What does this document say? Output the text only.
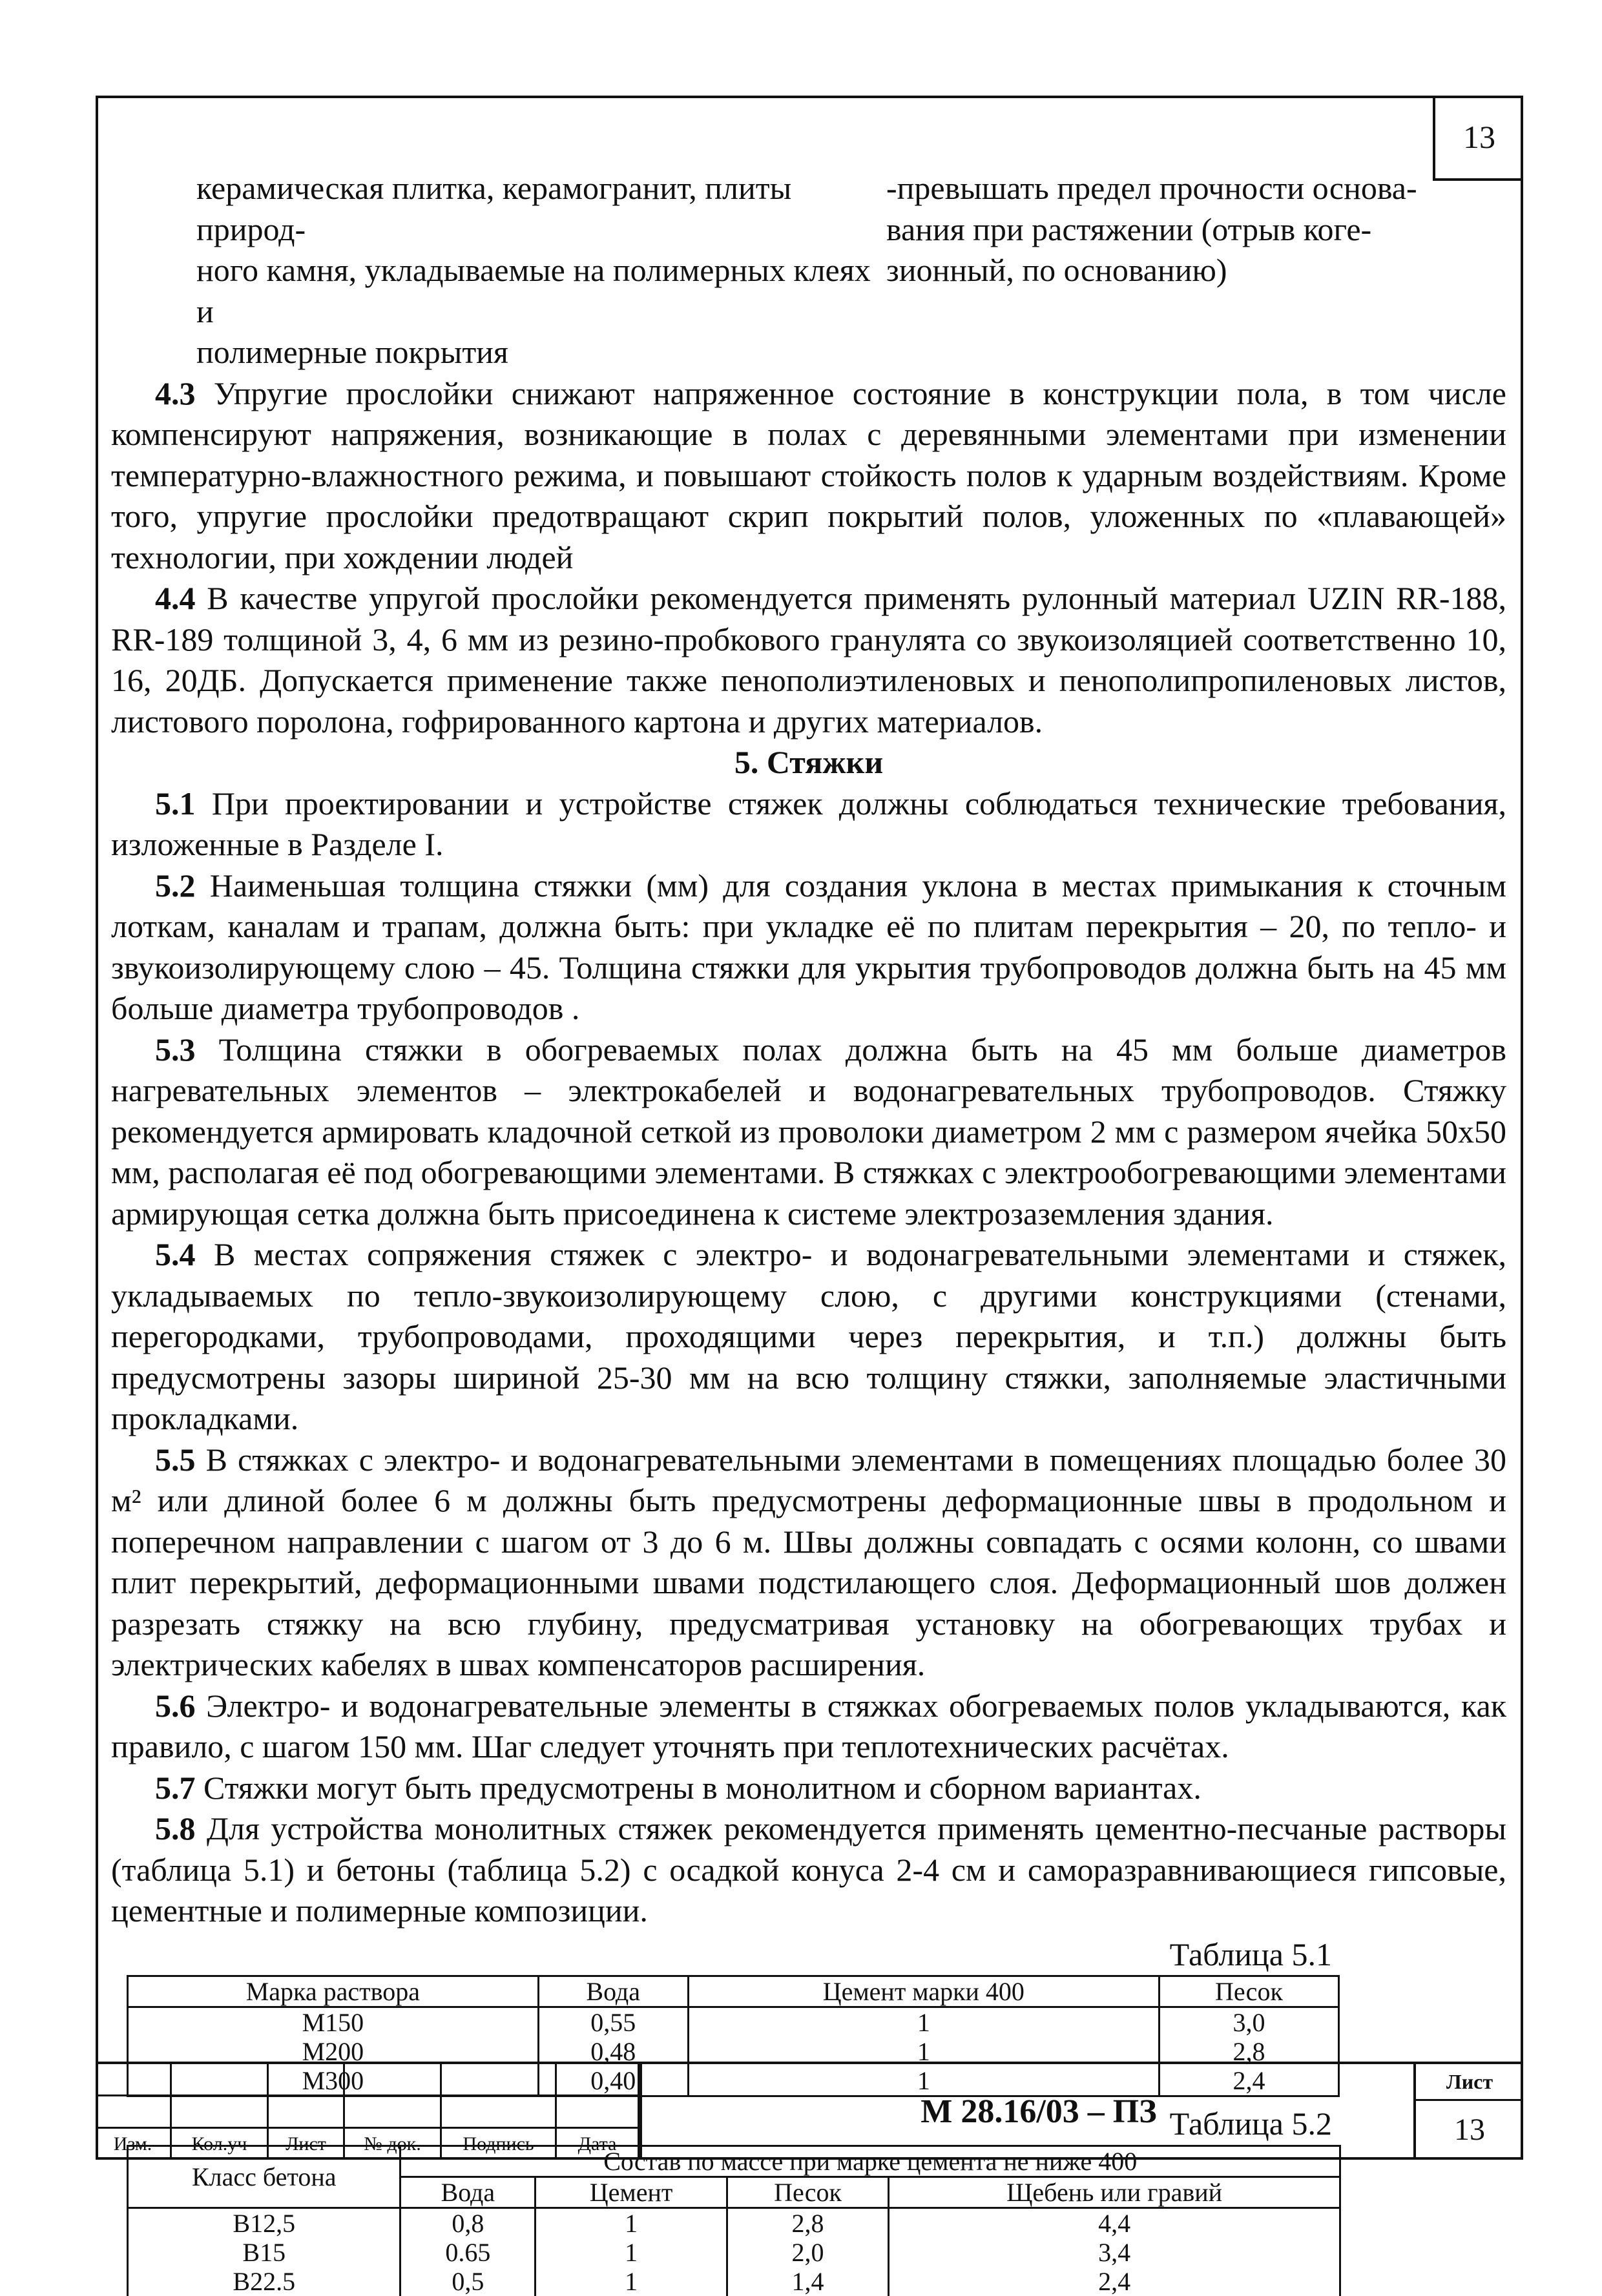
13
керамическая плитка, керамогранит, плиты природ-
ного камня, укладываемые на полимерных клеях и
полимерные покрытия
-превышать предел прочности основа-
вания при растяжении (отрыв коге-
зионный, по основанию)

4.3 Упругие прослойки снижают напряженное состояние в конструкции пола, в том числе компенсируют напряжения, возникающие в полах с деревянными элементами при изменении температурно-влажностного режима, и повышают стойкость полов к ударным воздействиям. Кроме того, упругие прослойки предотвращают скрип покрытий полов, уложенных по «плавающей» технологии, при хождении людей

4.4 В качестве упругой прослойки рекомендуется применять рулонный материал UZIN RR-188, RR-189 толщиной 3, 4, 6 мм из резино-пробкового гранулята со звукоизоляцией соответственно 10, 16, 20ДБ. Допускается применение также пенополиэтиленовых и пенополипропиленовых листов, листового поролона, гофрированного картона и других материалов.

5. Стяжки

5.1 При проектировании и устройстве стяжек должны соблюдаться технические требования, изложенные в Разделе I.

5.2 Наименьшая толщина стяжки (мм) для создания уклона в местах примыкания к сточным лоткам, каналам и трапам, должна быть: при укладке её по плитам перекрытия – 20, по тепло- и звукоизолирующему слою – 45. Толщина стяжки для укрытия трубопроводов должна быть на 45 мм больше диаметра трубопроводов .

5.3 Толщина стяжки в обогреваемых полах должна быть на 45 мм больше диаметров нагревательных элементов – электрокабелей и водонагревательных трубопроводов. Стяжку рекомендуется армировать кладочной сеткой из проволоки диаметром 2 мм с размером ячейка 50х50 мм, располагая её под обогревающими элементами. В стяжках с электрообогревающими элементами армирующая сетка должна быть присоединена к системе электрозаземления здания.

5.4 В местах сопряжения стяжек с электро- и водонагревательными элементами и стяжек, укладываемых по тепло-звукоизолирующему слою, с другими конструкциями (стенами, перегородками, трубопроводами, проходящими через перекрытия, и т.п.) должны быть предусмотрены зазоры шириной 25-30 мм на всю толщину стяжки, заполняемые эластичными прокладками.

5.5 В стяжках с электро- и водонагревательными элементами в помещениях площадью более 30 м² или длиной более 6 м должны быть предусмотрены деформационные швы в продольном и поперечном направлении с шагом от 3 до 6 м. Швы должны совпадать с осями колонн, со швами плит перекрытий, деформационными швами подстилающего слоя. Деформационный шов должен разрезать стяжку на всю глубину, предусматривая установку на обогревающих трубах и электрических кабелях в швах компенсаторов расширения.

5.6 Электро- и водонагревательные элементы в стяжках обогреваемых полов укладываются, как правило, с шагом 150 мм. Шаг следует уточнять при теплотехнических расчётах.

5.7 Стяжки могут быть предусмотрены в монолитном и сборном вариантах.

5.8 Для устройства монолитных стяжек рекомендуется применять цементно-песчаные растворы (таблица 5.1) и бетоны (таблица 5.2) с осадкой конуса 2-4 см и саморазравнивающиеся гипсовые, цементные и полимерные композиции.

Таблица 5.1

Марка раствора	Вода	Цемент марки 400	Песок
М150	0,55	1	3,0
М200	0,48	1	2,8
М300	0,40	1	2,4

Таблица 5.2

Класс бетона	Состав по массе при марке цемента не ниже 400			
	Вода	Цемент	Песок	Щебень или гравий
В12,5	0,8	1	2,8	4,4
В15	0.65	1	2,0	3,4
В22.5	0,5	1	1,4	2,4
Изм.	Кол.уч	Лист	№ док.	Подпись	Дата
М 28.16/03 – ПЗ
Лист
13
